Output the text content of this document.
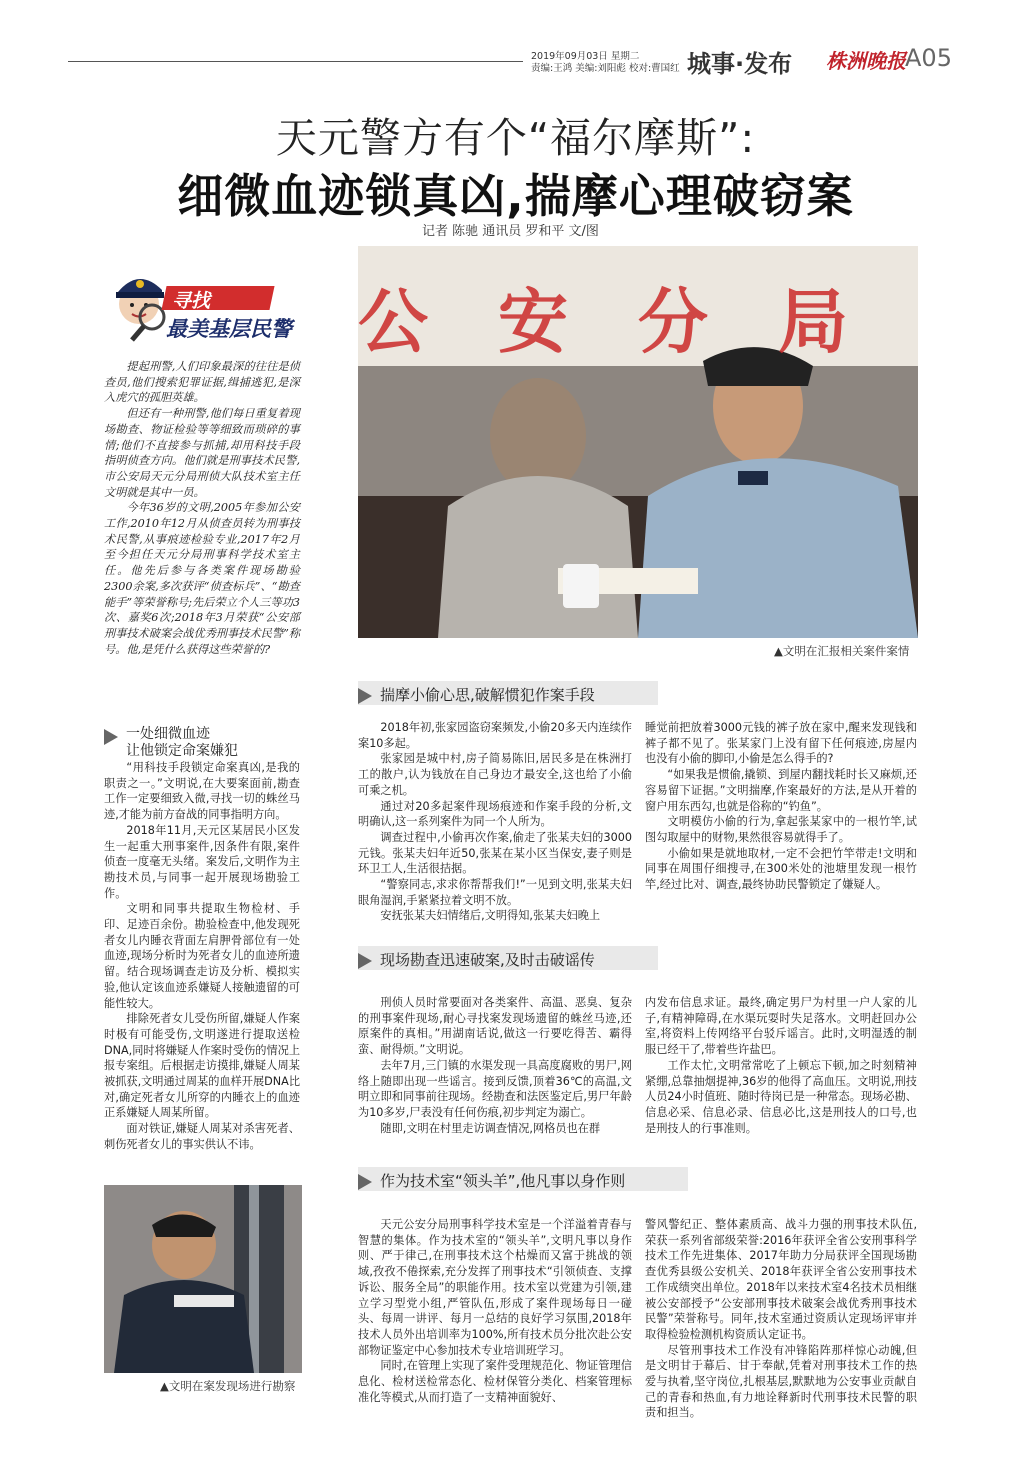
2019年09月03日 星期二
责编:王鸿 美编:刘阳彪 校对:曹国红 城事·发布 株洲晚报 A05
天元警方有个“福尔摩斯”:
细微血迹锁真凶,揣摩心理破窃案
记者 陈驰 通讯员 罗和平 文/图
寻找
最美基层民警

提起刑警,人们印象最深的往往是侦查员,他们搜索犯罪证据,缉捕逃犯,是深入虎穴的孤胆英雄。

但还有一种刑警,他们每日重复着现场勘查、物证检验等等细致而琐碎的事情;他们不直接参与抓捕,却用科技手段指明侦查方向。他们就是刑事技术民警,市公安局天元分局刑侦大队技术室主任文明就是其中一员。

今年36岁的文明,2005年参加公安工作,2010年12月从侦查员转为刑事技术民警,从事痕迹检验专业,2017年2月至今担任天元分局刑事科学技术室主任。他先后参与各类案件现场勘验2300余案,多次获评“侦查标兵”、“勘查能手”等荣誉称号;先后荣立个人三等功3次、嘉奖6次;2018年3月荣获“公安部刑事技术破案会战优秀刑事技术民警”称号。他,是凭什么获得这些荣誉的?

公安分局
▲文明在汇报相关案件案情

一处细微血迹
让他锁定命案嫌犯

“用科技手段锁定命案真凶,是我的职责之一。”文明说,在大要案面前,勘查工作一定要细致入微,寻找一切的蛛丝马迹,才能为前方奋战的同事指明方向。

2018年11月,天元区某居民小区发生一起重大刑事案件,因条件有限,案件侦查一度毫无头绪。案发后,文明作为主勘技术员,与同事一起开展现场勘验工作。

文明和同事共提取生物检材、手印、足迹百余份。勘验检查中,他发现死者女儿内睡衣背面左肩胛骨部位有一处血迹,现场分析时为死者女儿的血迹所遗留。结合现场调查走访及分析、模拟实验,他认定该血迹系嫌疑人接触遗留的可能性较大。

排除死者女儿受伤所留,嫌疑人作案时极有可能受伤,文明遂进行提取送检DNA,同时将嫌疑人作案时受伤的情况上报专案组。后根据走访摸排,嫌疑人周某被抓获,文明通过周某的血样开展DNA比对,确定死者女儿所穿的内睡衣上的血迹正系嫌疑人周某所留。

面对铁证,嫌疑人周某对杀害死者、刺伤死者女儿的事实供认不讳。

▲文明在案发现场进行勘察
揣摩小偷心思,破解惯犯作案手段

2018年初,张家园盗窃案频发,小偷20多天内连续作案10多起。

张家园是城中村,房子简易陈旧,居民多是在株洲打工的散户,认为钱放在自己身边才最安全,这也给了小偷可乘之机。

通过对20多起案件现场痕迹和作案手段的分析,文明确认,这一系列案件为同一个人所为。

调查过程中,小偷再次作案,偷走了张某夫妇的3000元钱。张某夫妇年近50,张某在某小区当保安,妻子则是环卫工人,生活很拮据。

“警察同志,求求你帮帮我们!”一见到文明,张某夫妇眼角湿润,手紧紧拉着文明不放。

安抚张某夫妇情绪后,文明得知,张某夫妇晚上

睡觉前把放着3000元钱的裤子放在家中,醒来发现钱和裤子都不见了。张某家门上没有留下任何痕迹,房屋内也没有小偷的脚印,小偷是怎么得手的?

“如果我是惯偷,撬锁、到屋内翻找耗时长又麻烦,还容易留下证据。”文明揣摩,作案最好的方法,是从开着的窗户用东西勾,也就是俗称的“钓鱼”。

文明模仿小偷的行为,拿起张某家中的一根竹竿,试图勾取屋中的财物,果然很容易就得手了。

小偷如果是就地取材,一定不会把竹竿带走!文明和同事在周围仔细搜寻,在300米处的池塘里发现一根竹竿,经过比对、调查,最终协助民警锁定了嫌疑人。

现场勘查迅速破案,及时击破谣传

刑侦人员时常要面对各类案件、高温、恶臭、复杂的刑事案件现场,耐心寻找案发现场遗留的蛛丝马迹,还原案件的真相。”用湖南话说,做这一行要吃得苦、霸得蛮、耐得烦。”文明说。

去年7月,三门镇的水渠发现一具高度腐败的男尸,网络上随即出现一些谣言。接到反馈,顶着36℃的高温,文明立即和同事前往现场。经勘查和法医鉴定后,男尸年龄为10多岁,尸表没有任何伤痕,初步判定为溺亡。

随即,文明在村里走访调查情况,网格员也在群

内发布信息求证。最终,确定男尸为村里一户人家的儿子,有精神障碍,在水渠玩耍时失足落水。文明赶回办公室,将资料上传网络平台驳斥谣言。此时,文明湿透的制服已经干了,带着些许盐巴。

工作太忙,文明常常吃了上顿忘下顿,加之时刻精神紧绷,总靠抽烟提神,36岁的他得了高血压。文明说,刑技人员24小时值班、随时待岗已是一种常态。现场必勘、信息必采、信息必录、信息必比,这是刑技人的口号,也是刑技人的行事准则。

作为技术室“领头羊”,他凡事以身作则

天元公安分局刑事科学技术室是一个洋溢着青春与智慧的集体。作为技术室的“领头羊”,文明凡事以身作则、严于律己,在刑事技术这个枯燥而又富于挑战的领域,孜孜不倦探索,充分发挥了刑事技术“引领侦查、支撑诉讼、服务全局”的职能作用。技术室以党建为引领,建立学习型党小组,严管队伍,形成了案件现场每日一碰头、每周一讲评、每月一总结的良好学习氛围,2018年技术人员外出培训率为100%,所有技术员分批次赴公安部物证鉴定中心参加技术专业培训班学习。

同时,在管理上实现了案件受理规范化、物证管理信息化、检材送检常态化、检材保管分类化、档案管理标准化等模式,从而打造了一支精神面貌好、

警风警纪正、整体素质高、战斗力强的刑事技术队伍,荣获一系列省部级荣誉:2016年获评全省公安刑事科学技术工作先进集体、2017年助力分局获评全国现场勘查优秀县级公安机关、2018年获评全省公安刑事技术工作成绩突出单位。2018年以来技术室4名技术员相继被公安部授予“公安部刑事技术破案会战优秀刑事技术民警”荣誉称号。同年,技术室通过资质认定现场评审并取得检验检测机构资质认定证书。

尽管刑事技术工作没有冲锋陷阵那样惊心动魄,但是文明甘于幕后、甘于奉献,凭着对刑事技术工作的热爱与执着,坚守岗位,扎根基层,默默地为公安事业贡献自己的青春和热血,有力地诠释新时代刑事技术民警的职责和担当。
